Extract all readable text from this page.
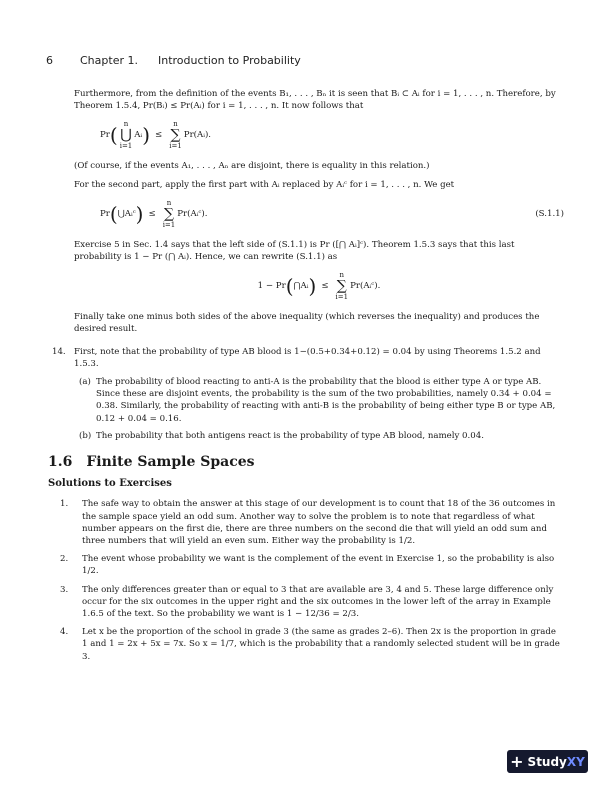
6 Chapter 1. Introduction to Probability

Furthermore, from the definition of the events B₁, . . . , Bₙ it is seen that Bᵢ ⊂ Aᵢ for i = 1, . . . , n. Therefore, by Theorem 1.5.4, Pr(Bᵢ) ≤ Pr(Aᵢ) for i = 1, . . . , n. It now follows that

Pr ( n
⋃
i=1
Aᵢ ) ≤
n
∑
i=1
Pr(Aᵢ).

(Of course, if the events A₁, . . . , Aₙ are disjoint, there is equality in this relation.)

For the second part, apply the first part with Aᵢ replaced by Aᵢᶜ for i = 1, . . . , n. We get

Pr ( ⋃Aᵢᶜ ) ≤
n
∑
i=1
Pr(Aᵢᶜ).	(S.1.1)

Exercise 5 in Sec. 1.4 says that the left side of (S.1.1) is Pr ([⋂ Aᵢ]ᶜ). Theorem 1.5.3 says that this last probability is 1 − Pr (⋂ Aᵢ). Hence, we can rewrite (S.1.1) as

1 − Pr ( ⋂Aᵢ ) ≤
n
∑
i=1
Pr(Aᵢᶜ).

Finally take one minus both sides of the above inequality (which reverses the inequality) and produces the desired result.

14. First, note that the probability of type AB blood is 1−(0.5+0.34+0.12) = 0.04 by using Theorems 1.5.2 and 1.5.3.

(a) The probability of blood reacting to anti-A is the probability that the blood is either type A or type AB. Since these are disjoint events, the probability is the sum of the two probabilities, namely 0.34 + 0.04 = 0.38. Similarly, the probability of reacting with anti-B is the probability of being either type B or type AB, 0.12 + 0.04 = 0.16.
(b) The probability that both antigens react is the probability of type AB blood, namely 0.04.
1.6 Finite Sample Spaces
Solutions to Exercises
1. The safe way to obtain the answer at this stage of our development is to count that 18 of the 36 outcomes in the sample space yield an odd sum. Another way to solve the problem is to note that regardless of what number appears on the first die, there are three numbers on the second die that will yield an odd sum and three numbers that will yield an even sum. Either way the probability is 1/2.
2. The event whose probability we want is the complement of the event in Exercise 1, so the probability is also 1/2.
3. The only differences greater than or equal to 3 that are available are 3, 4 and 5. These large difference only occur for the six outcomes in the upper right and the six outcomes in the lower left of the array in Example 1.6.5 of the text. So the probability we want is 1 − 12/36 = 2/3.
4. Let x be the proportion of the school in grade 3 (the same as grades 2–6). Then 2x is the proportion in grade 1 and 1 = 2x + 5x = 7x. So x = 1/7, which is the probability that a randomly selected student will be in grade 3.
+ Study XY
